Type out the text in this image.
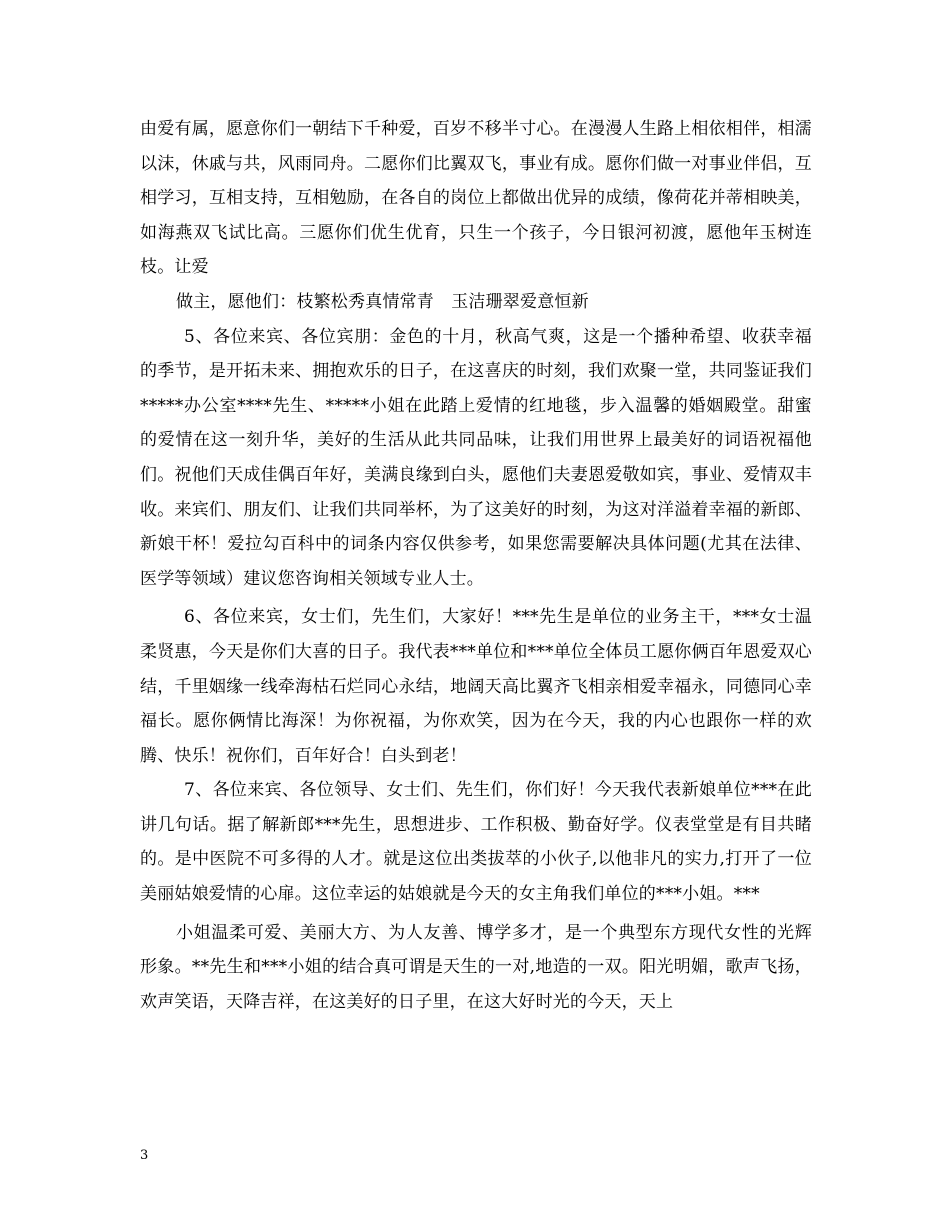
由爱有属，愿意你们一朝结下千种爱，百岁不移半寸心。在漫漫人生路上相依相伴，相濡以沫，休戚与共，风雨同舟。二愿你们比翼双飞，事业有成。愿你们做一对事业伴侣，互相学习，互相支持，互相勉励，在各自的岗位上都做出优异的成绩，像荷花并蒂相映美，如海燕双飞试比高。三愿你们优生优育，只生一个孩子，今日银河初渡，愿他年玉树连枝。让爱

做主，愿他们：枝繁松秀真情常青　玉洁珊翠爱意恒新

5、各位来宾、各位宾朋：金色的十月，秋高气爽，这是一个播种希望、收获幸福的季节，是开拓未来、拥抱欢乐的日子，在这喜庆的时刻，我们欢聚一堂，共同鉴证我们*****办公室****先生、*****小姐在此踏上爱情的红地毯，步入温馨的婚姻殿堂。甜蜜的爱情在这一刻升华，美好的生活从此共同品味，让我们用世界上最美好的词语祝福他们。祝他们天成佳偶百年好，美满良缘到白头，愿他们夫妻恩爱敬如宾，事业、爱情双丰收。来宾们、朋友们、让我们共同举杯，为了这美好的时刻，为这对洋溢着幸福的新郎、新娘干杯！爱拉勾百科中的词条内容仅供参考，如果您需要解决具体问题(尤其在法律、医学等领域）建议您咨询相关领域专业人士。

6、各位来宾，女士们，先生们，大家好！***先生是单位的业务主干，***女士温柔贤惠，今天是你们大喜的日子。我代表***单位和***单位全体员工愿你俩百年恩爱双心结，千里姻缘一线牵海枯石烂同心永结，地阔天高比翼齐飞相亲相爱幸福永，同德同心幸福长。愿你俩情比海深！为你祝福，为你欢笑，因为在今天，我的内心也跟你一样的欢腾、快乐！祝你们，百年好合！白头到老！

7、各位来宾、各位领导、女士们、先生们，你们好！今天我代表新娘单位***在此讲几句话。据了解新郎***先生，思想进步、工作积极、勤奋好学。仪表堂堂是有目共睹的。是中医院不可多得的人才。就是这位出类拔萃的小伙子,以他非凡的实力,打开了一位美丽姑娘爱情的心扉。这位幸运的姑娘就是今天的女主角我们单位的***小姐。***

小姐温柔可爱、美丽大方、为人友善、博学多才，是一个典型东方现代女性的光辉形象。**先生和***小姐的结合真可谓是天生的一对,地造的一双。阳光明媚，歌声飞扬，欢声笑语，天降吉祥，在这美好的日子里，在这大好时光的今天，天上

3
